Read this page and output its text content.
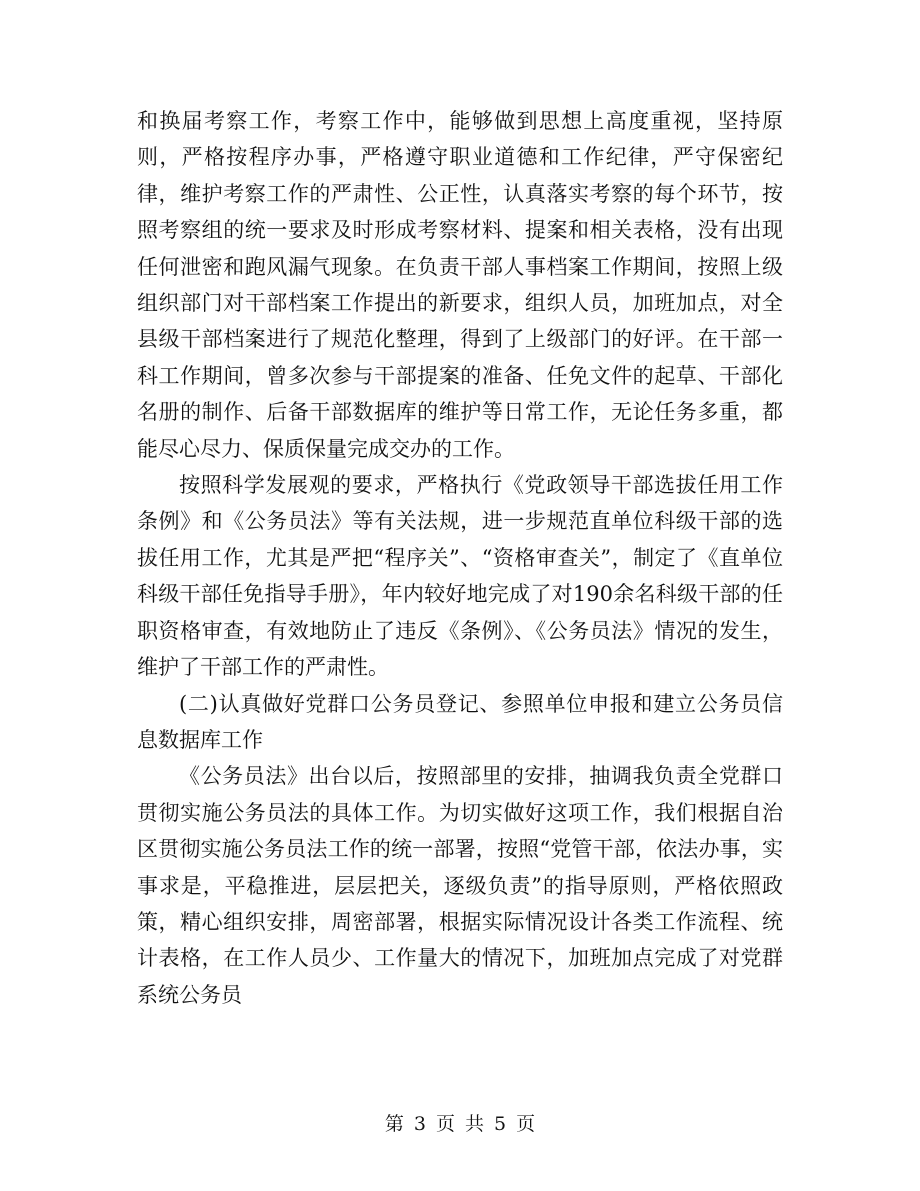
和换届考察工作，考察工作中，能够做到思想上高度重视，坚持原则，严格按程序办事，严格遵守职业道德和工作纪律，严守保密纪律，维护考察工作的严肃性、公正性，认真落实考察的每个环节，按照考察组的统一要求及时形成考察材料、提案和相关表格，没有出现任何泄密和跑风漏气现象。在负责干部人事档案工作期间，按照上级组织部门对干部档案工作提出的新要求，组织人员，加班加点，对全县级干部档案进行了规范化整理，得到了上级部门的好评。在干部一科工作期间，曾多次参与干部提案的准备、任免文件的起草、干部化名册的制作、后备干部数据库的维护等日常工作，无论任务多重，都能尽心尽力、保质保量完成交办的工作。

按照科学发展观的要求，严格执行《党政领导干部选拔任用工作条例》和《公务员法》等有关法规，进一步规范直单位科级干部的选拔任用工作，尤其是严把“程序关”、“资格审查关”，制定了《直单位科级干部任免指导手册》，年内较好地完成了对190余名科级干部的任职资格审查，有效地防止了违反《条例》、《公务员法》情况的发生，维护了干部工作的严肃性。

(二)认真做好党群口公务员登记、参照单位申报和建立公务员信息数据库工作

《公务员法》出台以后，按照部里的安排，抽调我负责全党群口贯彻实施公务员法的具体工作。为切实做好这项工作，我们根据自治区贯彻实施公务员法工作的统一部署，按照“党管干部，依法办事，实事求是，平稳推进，层层把关，逐级负责”的指导原则，严格依照政策，精心组织安排，周密部署，根据实际情况设计各类工作流程、统计表格，在工作人员少、工作量大的情况下，加班加点完成了对党群系统公务员

第 3 页 共 5 页
